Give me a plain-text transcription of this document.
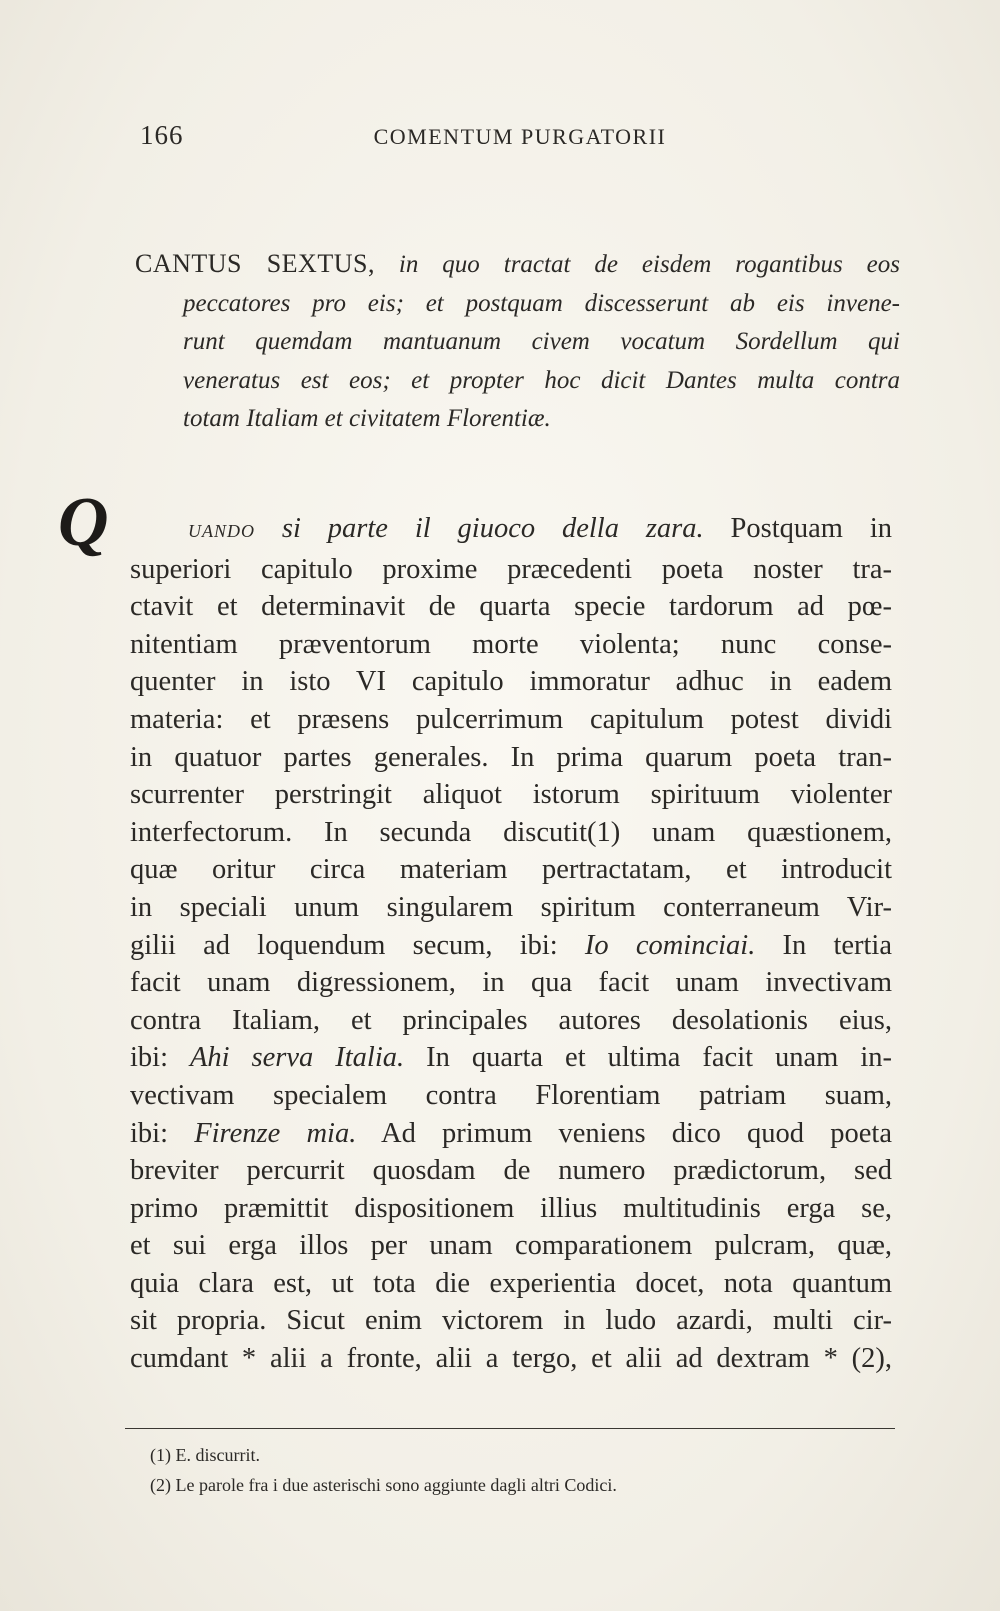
166	COMENTUM PURGATORII
CANTUS SEXTUS, in quo tractat de eisdem rogantibus eos
peccatores pro eis; et postquam discesserunt ab eis invene-
runt quemdam mantuanum civem vocatum Sordellum qui
veneratus est eos; et propter hoc dicit Dantes multa contra
totam Italiam et civitatem Florentiæ.
Q	UANDO si parte il giuoco della zara. Postquam in
superiori capitulo proxime præcedenti poeta noster tra-
ctavit et determinavit de quarta specie tardorum ad pœ-
nitentiam præventorum morte violenta; nunc conse-
quenter in isto VI capitulo immoratur adhuc in eadem
materia: et præsens pulcerrimum capitulum potest dividi
in quatuor partes generales. In prima quarum poeta tran-
scurrenter perstringit aliquot istorum spirituum violenter
interfectorum. In secunda discutit(1) unam quæstionem,
quæ oritur circa materiam pertractatam, et introducit
in speciali unum singularem spiritum conterraneum Vir-
gilii ad loquendum secum, ibi: Io cominciai. In tertia
facit unam digressionem, in qua facit unam invectivam
contra Italiam, et principales autores desolationis eius,
ibi: Ahi serva Italia. In quarta et ultima facit unam in-
vectivam specialem contra Florentiam patriam suam,
ibi: Firenze mia. Ad primum veniens dico quod poeta
breviter percurrit quosdam de numero prædictorum, sed
primo præmittit dispositionem illius multitudinis erga se,
et sui erga illos per unam comparationem pulcram, quæ,
quia clara est, ut tota die experientia docet, nota quantum
sit propria. Sicut enim victorem in ludo azardi, multi cir-
cumdant * alii a fronte, alii a tergo, et alii ad dextram * (2),
(1) E. discurrit.
(2) Le parole fra i due asterischi sono aggiunte dagli altri Codici.
